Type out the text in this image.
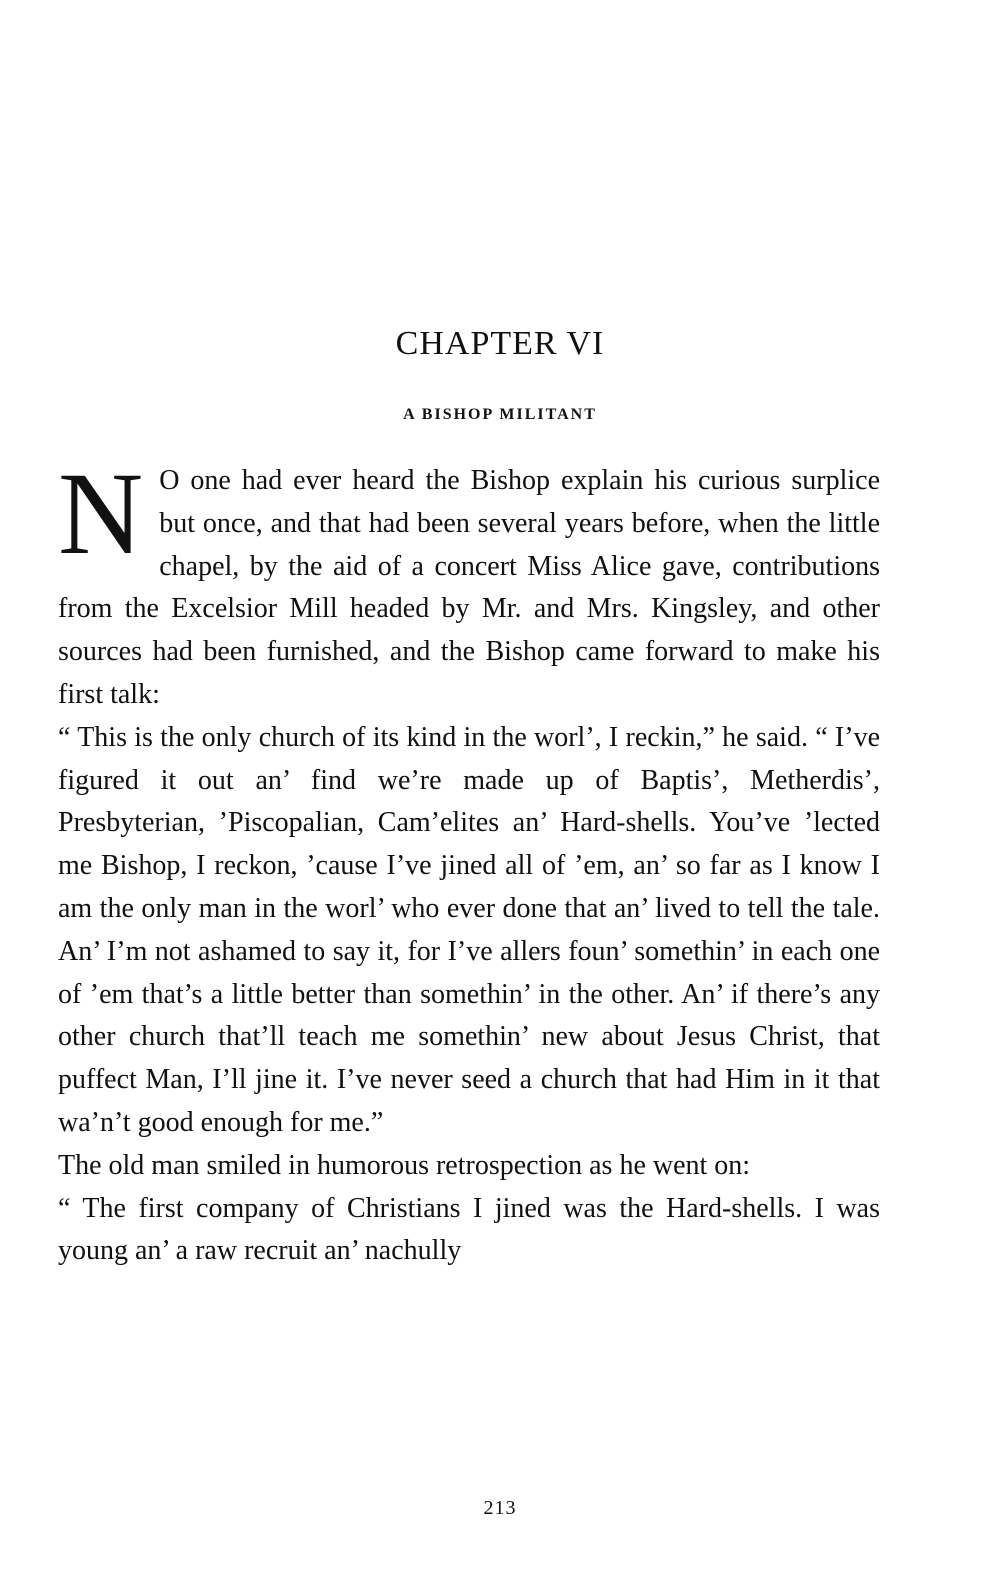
CHAPTER VI
A BISHOP MILITANT

N O one had ever heard the Bishop explain his curious surplice but once, and that had been several years before, when the little chapel, by the aid of a concert Miss Alice gave, contributions from the Excelsior Mill headed by Mr. and Mrs. Kingsley, and other sources had been furnished, and the Bishop came forward to make his first talk:

“ This is the only church of its kind in the worl’, I reckin,” he said. “ I’ve figured it out an’ find we’re made up of Baptis’, Metherdis’, Presbyterian, ’Piscopalian, Cam’elites an’ Hard-shells. You’ve ’lected me Bishop, I reckon, ’cause I’ve jined all of ’em, an’ so far as I know I am the only man in the worl’ who ever done that an’ lived to tell the tale. An’ I’m not ashamed to say it, for I’ve allers foun’ somethin’ in each one of ’em that’s a little better than somethin’ in the other. An’ if there’s any other church that’ll teach me somethin’ new about Jesus Christ, that puffect Man, I’ll jine it. I’ve never seed a church that had Him in it that wa’n’t good enough for me.”

The old man smiled in humorous retrospection as he went on:

“ The first company of Christians I jined was the Hard-shells. I was young an’ a raw recruit an’ nachully

213
